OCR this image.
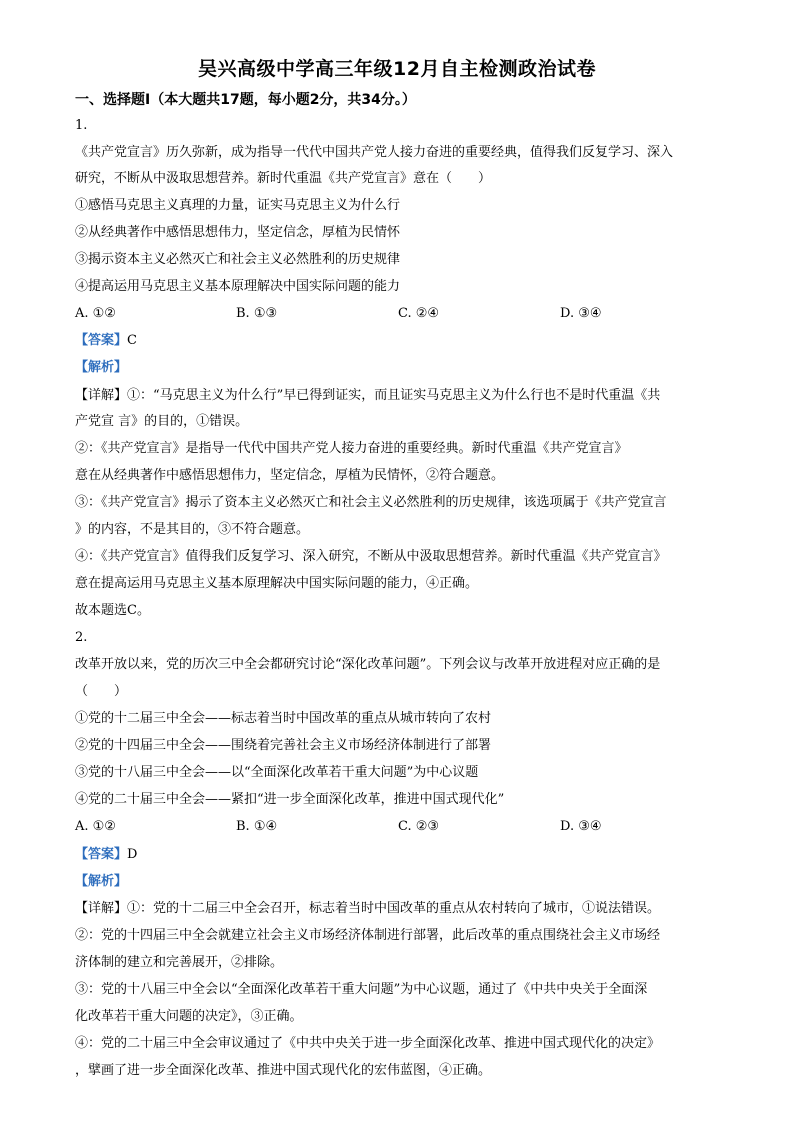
吴兴高级中学高三年级12月自主检测政治试卷
一、选择题I（本大题共17题，每小题2分，共34分。）
1.
《共产党宣言》历久弥新，成为指导一代代中国共产党人接力奋进的重要经典，值得我们反复学习、深入
研究，不断从中汲取思想营养。新时代重温《共产党宣言》意在（　　）
①感悟马克思主义真理的力量，证实马克思主义为什么行
②从经典著作中感悟思想伟力，坚定信念，厚植为民情怀
③揭示资本主义必然灭亡和社会主义必然胜利的历史规律
④提高运用马克思主义基本原理解决中国实际问题的能力
A. ①②	B. ①③	C. ②④	D. ③④
【答案】C
【解析】
【详解】①：“马克思主义为什么行”早已得到证实，而且证实马克思主义为什么行也不是时代重温《共
产党宣 言》的目的，①错误。
②：《共产党宣言》是指导一代代中国共产党人接力奋进的重要经典。新时代重温《共产党宣言》
意在从经典著作中感悟思想伟力，坚定信念，厚植为民情怀，②符合题意。
③：《共产党宣言》揭示了资本主义必然灭亡和社会主义必然胜利的历史规律，该选项属于《共产党宣言
》的内容，不是其目的，③不符合题意。
④：《共产党宣言》值得我们反复学习、深入研究，不断从中汲取思想营养。新时代重温《共产党宣言》
意在提高运用马克思主义基本原理解决中国实际问题的能力，④正确。
故本题选C。
2.
改革开放以来，党的历次三中全会都研究讨论“深化改革问题”。下列会议与改革开放进程对应正确的是
（　　）
①党的十二届三中全会——标志着当时中国改革的重点从城市转向了农村
②党的十四届三中全会——围绕着完善社会主义市场经济体制进行了部署
③党的十八届三中全会——以“全面深化改革若干重大问题”为中心议题
④党的二十届三中全会——紧扣“进一步全面深化改革，推进中国式现代化”
A. ①②	B. ①④	C. ②③	D. ③④
【答案】D
【解析】
【详解】①：党的十二届三中全会召开，标志着当时中国改革的重点从农村转向了城市，①说法错误。
②：党的十四届三中全会就建立社会主义市场经济体制进行部署，此后改革的重点围绕社会主义市场经
济体制的建立和完善展开，②排除。
③：党的十八届三中全会以“全面深化改革若干重大问题”为中心议题，通过了《中共中央关于全面深
化改革若干重大问题的决定》，③正确。
④：党的二十届三中全会审议通过了《中共中央关于进一步全面深化改革、推进中国式现代化的决定》
，擘画了进一步全面深化改革、推进中国式现代化的宏伟蓝图，④正确。
